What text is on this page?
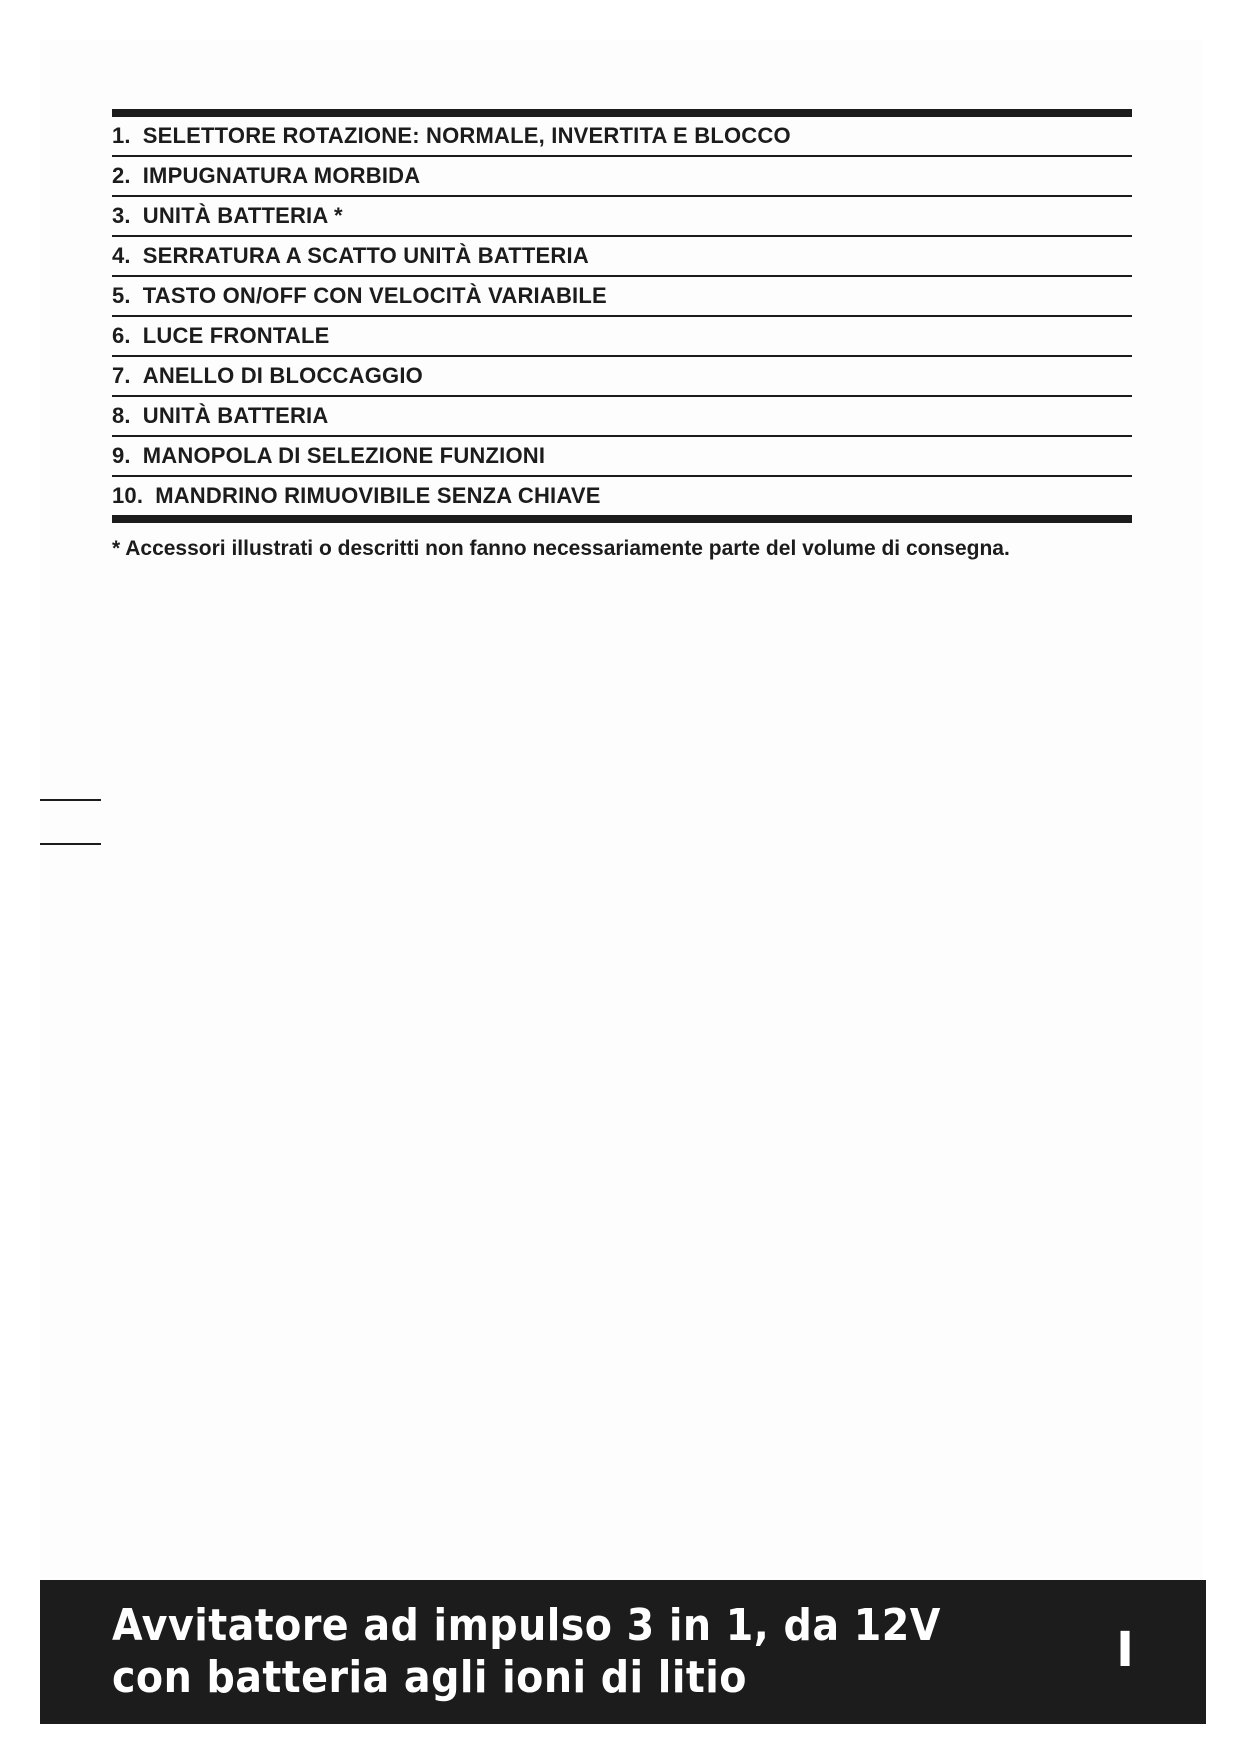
1. SELETTORE ROTAZIONE: NORMALE, INVERTITA E BLOCCO
2. IMPUGNATURA MORBIDA
3. UNITÀ BATTERIA *
4. SERRATURA A SCATTO UNITÀ BATTERIA
5. TASTO ON/OFF CON VELOCITÀ VARIABILE
6. LUCE FRONTALE
7. ANELLO DI BLOCCAGGIO
8. UNITÀ BATTERIA
9. MANOPOLA DI SELEZIONE FUNZIONI
10. MANDRINO RIMUOVIBILE SENZA CHIAVE
* Accessori illustrati o descritti non fanno necessariamente parte del volume di consegna.
Avvitatore ad impulso 3 in 1, da 12V
con batteria agli ioni di litio	I
